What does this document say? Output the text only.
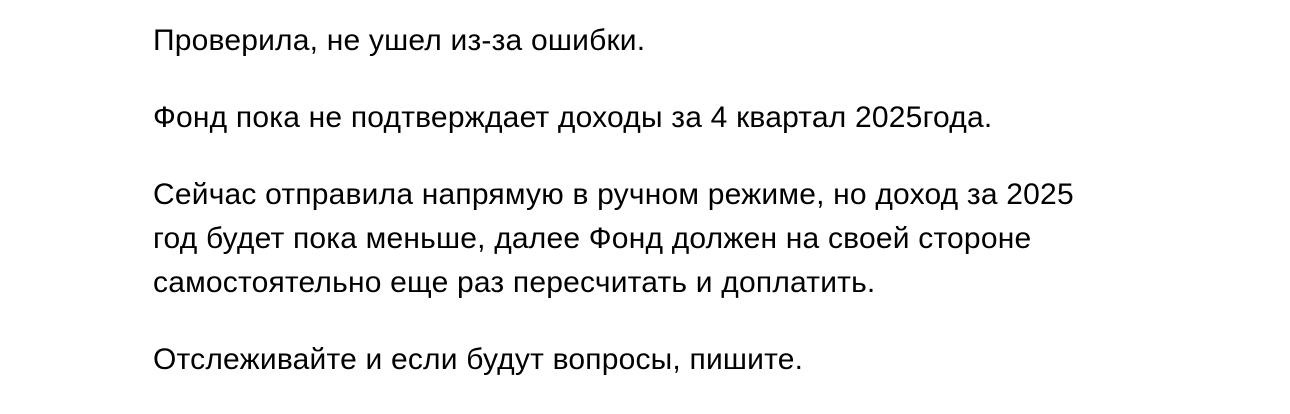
Проверила, не ушел из-за ошибки.
Фонд пока не подтверждает доходы за 4 квартал 2025года.
Сейчас отправила напрямую в ручном режиме, но доход за 2025
год будет пока меньше, далее Фонд должен на своей стороне
самостоятельно еще раз пересчитать и доплатить.
Отслеживайте и если будут вопросы, пишите.
